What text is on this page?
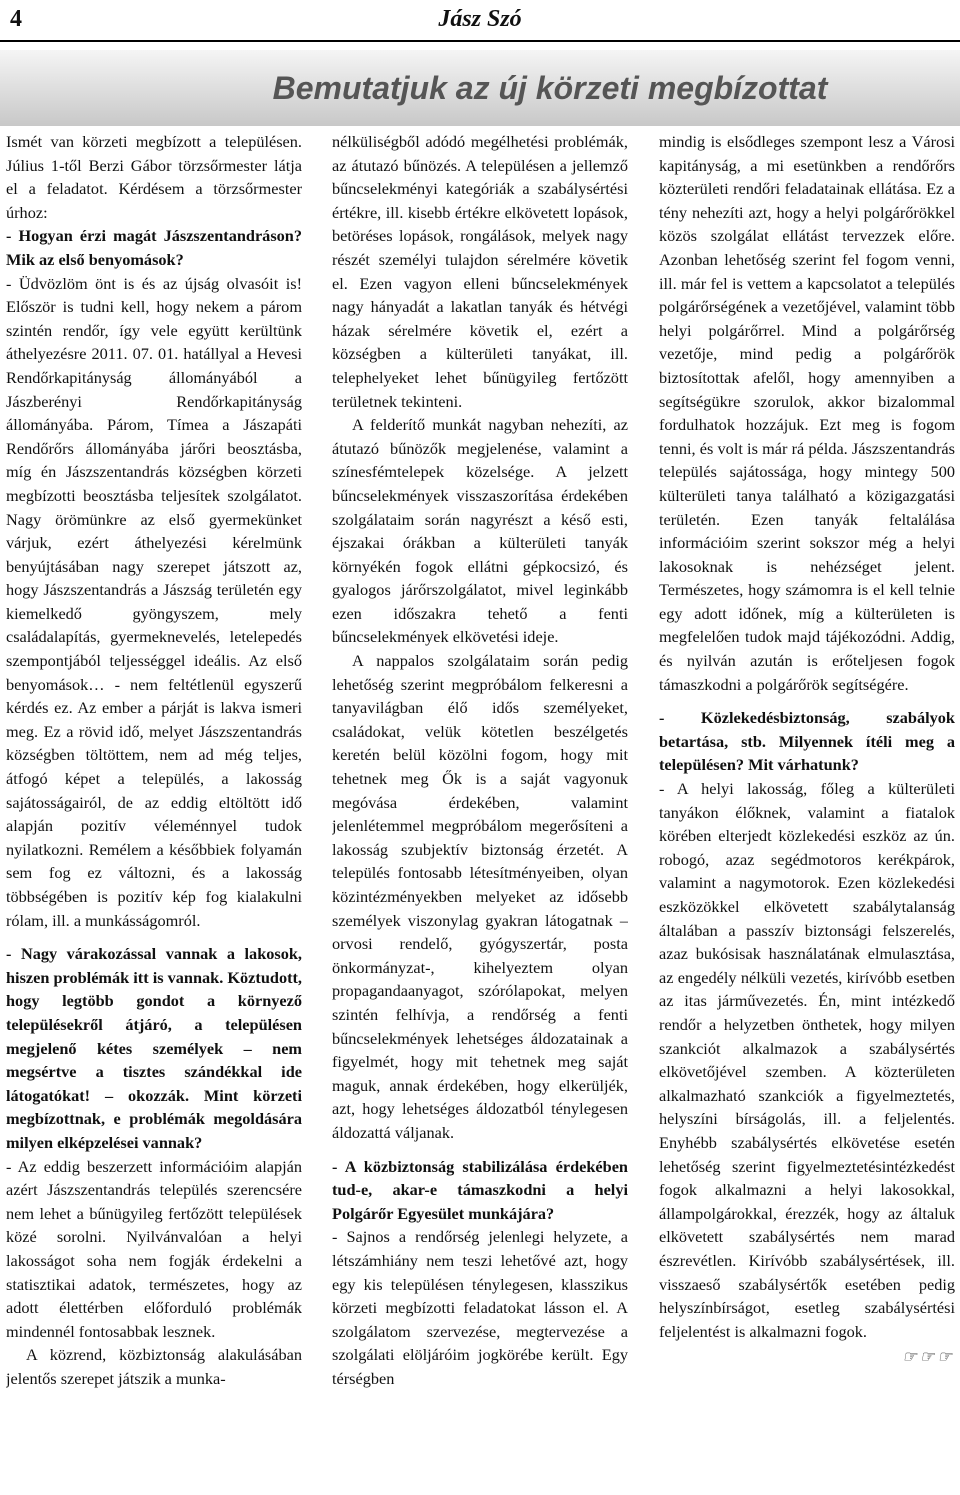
4	Jász Szó
Bemutatjuk az új körzeti megbízottat

Ismét van körzeti megbízott a településen. Július 1-től Berzi Gábor törzsőrmester látja el a feladatot. Kérdésem a törzsőrmester úrhoz:

- Hogyan érzi magát Jászszentandráson? Mik az első benyomások?

- Üdvözlöm önt is és az újság olvasóit is! Először is tudni kell, hogy nekem a párom szintén rendőr, így vele együtt kerültünk áthelyezésre 2011. 07. 01. hatállyal a Hevesi Rendőrkapitányság állományából a Jászberényi Rendőrkapitányság állományába. Párom, Tímea a Jászapáti Rendőrőrs állományába járőri beosztásba, míg én Jászszentandrás községben körzeti megbízotti beosztásba teljesítek szolgálatot. Nagy örömünkre az első gyermekünket várjuk, ezért áthelyezési kérelmünk benyújtásában nagy szerepet játszott az, hogy Jászszentandrás a Jászság területén egy kiemelkedő gyöngyszem, mely családalapítás, gyermeknevelés, letelepedés szempontjából teljességgel ideális. Az első benyomások… - nem feltétlenül egyszerű kérdés ez. Az ember a párját is lakva ismeri meg. Ez a rövid idő, melyet Jászszentandrás községben töltöttem, nem ad még teljes, átfogó képet a település, a lakosság sajátosságairól, de az eddig eltöltött idő alapján pozitív véleménnyel tudok nyilatkozni. Remélem a későbbiek folyamán sem fog ez változni, és a lakosság többségében is pozitív kép fog kialakulni rólam, ill. a munkásságomról.

- Nagy várakozással vannak a lakosok, hiszen problémák itt is vannak. Köztudott, hogy legtöbb gondot a környező településekről átjáró, a településen megjelenő kétes személyek – nem megsértve a tisztes szándékkal ide látogatókat! – okozzák. Mint körzeti megbízottnak, e problémák megoldására milyen elképzelései vannak?

- Az eddig beszerzett információim alapján azért Jászszentandrás település szerencsére nem lehet a bűnügyileg fertőzött települések közé sorolni. Nyilvánvalóan a helyi lakosságot soha nem fogják érdekelni a statisztikai adatok, természetes, hogy az adott élettérben előforduló problémák mindennél fontosabbak lesznek.

A közrend, közbiztonság alakulásában jelentős szerepet játszik a munka-

nélküliségből adódó megélhetési problémák, az átutazó bűnözés. A településen a jellemző bűncselekményi kategóriák a szabálysértési értékre, ill. kisebb értékre elkövetett lopások, betöréses lopások, rongálások, melyek nagy részét személyi tulajdon sérelmére követik el. Ezen vagyon elleni bűncselekmények nagy hányadát a lakatlan tanyák és hétvégi házak sérelmére követik el, ezért a községben a külterületi tanyákat, ill. telephelyeket lehet bűnügyileg fertőzött területnek tekinteni.

A felderítő munkát nagyban nehezíti, az átutazó bűnözők megjelenése, valamint a színesfémtelepek közelsége. A jelzett bűncselekmények visszaszorítása érdekében szolgálataim során nagyrészt a késő esti, éjszakai órákban a külterületi tanyák környékén fogok ellátni gépkocsizó, és gyalogos járőrszolgálatot, mivel leginkább ezen időszakra tehető a fenti bűncselekmények elkövetési ideje.

A nappalos szolgálataim során pedig lehetőség szerint megpróbálom felkeresni a tanyavilágban élő idős személyeket, családokat, velük kötetlen beszélgetés keretén belül közölni fogom, hogy mit tehetnek meg Ők is a saját vagyonuk megóvása érdekében, valamint jelenlétemmel megpróbálom megerősíteni a lakosság szubjektív biztonság érzetét. A település fontosabb létesítményeiben, olyan közintézményekben melyeket az idősebb személyek viszonylag gyakran látogatnak – orvosi rendelő, gyógyszertár, posta önkormányzat-, kihelyeztem olyan propagandaanyagot, szórólapokat, melyen szintén felhívja, a rendőrség a fenti bűncselekmények lehetséges áldozatainak a figyelmét, hogy mit tehetnek meg saját maguk, annak érdekében, hogy elkerüljék, azt, hogy lehetséges áldozatból ténylegesen áldozattá váljanak.

- A közbiztonság stabilizálása érdekében tud-e, akar-e támaszkodni a helyi Polgárőr Egyesület munkájára?

- Sajnos a rendőrség jelenlegi helyzete, a létszámhiány nem teszi lehetővé azt, hogy egy kis településen ténylegesen, klasszikus körzeti megbízotti feladatokat lásson el. A szolgálatom szervezése, megtervezése a szolgálati elöljáróim jogkörébe került. Egy térségben

mindig is elsődleges szempont lesz a Városi kapitányság, a mi esetünkben a rendőrőrs közterületi rendőri feladatainak ellátása. Ez a tény nehezíti azt, hogy a helyi polgárőrökkel közös szolgálat ellátást tervezzek előre. Azonban lehetőség szerint fel fogom venni, ill. már fel is vettem a kapcsolatot a település polgárőrségének a vezetőjével, valamint több helyi polgárőrrel. Mind a polgárőrség vezetője, mind pedig a polgárőrök biztosítottak afelől, hogy amennyiben a segítségükre szorulok, akkor bizalommal fordulhatok hozzájuk. Ezt meg is fogom tenni, és volt is már rá példa. Jászszentandrás település sajátossága, hogy mintegy 500 külterületi tanya található a közigazgatási területén. Ezen tanyák feltalálása információim szerint sokszor még a helyi lakosoknak is nehézséget jelent. Természetes, hogy számomra is el kell telnie egy adott időnek, míg a külterületen is megfelelően tudok majd tájékozódni. Addig, és nyilván azután is erőteljesen fogok támaszkodni a polgárőrök segítségére.

- Közlekedésbiztonság, szabályok betartása, stb. Milyennek ítéli meg a településen? Mit várhatunk?

- A helyi lakosság, főleg a külterületi tanyákon élőknek, valamint a fiatalok körében elterjedt közlekedési eszköz az ún. robogó, azaz segédmotoros kerékpárok, valamint a nagymotorok. Ezen közlekedési eszközökkel elkövetett szabálytalanság általában a passzív biztonsági felszerelés, azaz bukósisak használatának elmulasztása, az engedély nélküli vezetés, kirívóbb esetben az itas járművezetés. Én, mint intézkedő rendőr a helyzetben önthetek, hogy milyen szankciót alkalmazok a szabálysértés elkövetőjével szemben. A közterületen alkalmazható szankciók a figyelmeztetés, helyszíni bírságolás, ill. a feljelentés. Enyhébb szabálysértés elkövetése esetén lehetőség szerint figyelmeztetésintézkedést fogok alkalmazni a helyi lakosokkal, állampolgárokkal, érezzék, hogy az általuk elkövetett szabálysértés nem marad észrevétlen. Kirívóbb szabálysértések, ill. visszaeső szabálysértők esetében pedig helyszínbírságot, esetleg szabálysértési feljelentést is alkalmazni fogok.

☞☞☞
